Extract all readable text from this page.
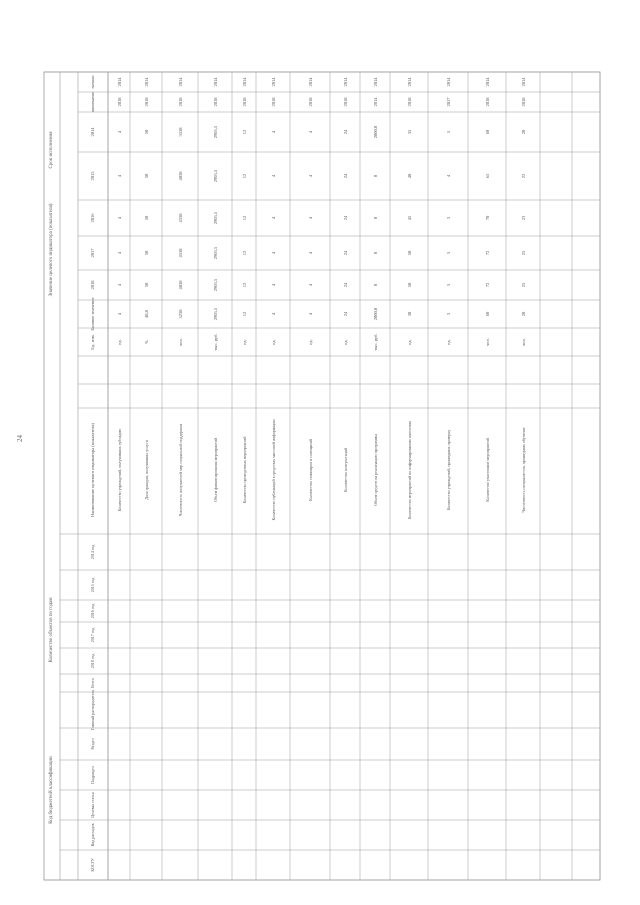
Срок исполнения
Значение целевого индикатора (показателя)
Количество объектов по годам
Код бюджетной классификации
начало
окончание
2014
2015
2016
2017
2018
Базовое значение
Ед. изм.
Наименование целевого индикатора (показателя)
2014 год
2015 год
2016 год
2017 год
2018 год
Всего
Главный распорядитель
Раздел
Подраздел
Целевая статья
Вид расходов
КОСГУ
2014
2018
4
4
4
4
4
4
ед.
Количество учреждений, получивших субсидию
2014
2018
50
50
50
50
50
48,8
%
Доля граждан, получивших услуги
2014
2018
3538
4038
4338
4538
4838
3238
чел.
Численность получателей мер социальной поддержки
2014
2018
2905,5
2905,5
2905,5
2905,5
2905,5
2905,5
тыс. руб.
Объем финансирования мероприятий
2014
2018
12
12
12
12
12
12
ед.
Количество проведенных мероприятий
2014
2018
4
4
4
4
4
4
ед.
Количество публикаций в средствах массовой информации
2014
2018
4
4
4
4
4
4
ед.
Количество семинаров и совещаний
2014
2018
24
24
24
24
24
24
ед.
Количество консультаций
2014
2014
2000,0
0
0
0
0
2000,0
тыс. руб.
Объем средств на реализацию программы
2014
2018
35
40
45
50
50
30
ед.
Количество мероприятий по информированию населения
2014
2017
5
4
3
5
5
3
ед.
Количество учреждений, прошедших проверку
2014
2018
60
65
70
72
72
60
чел.
Количество участников мероприятий
2014
2018
20
22
23
25
25
20
чел.
Численность специалистов, прошедших обучение
24
